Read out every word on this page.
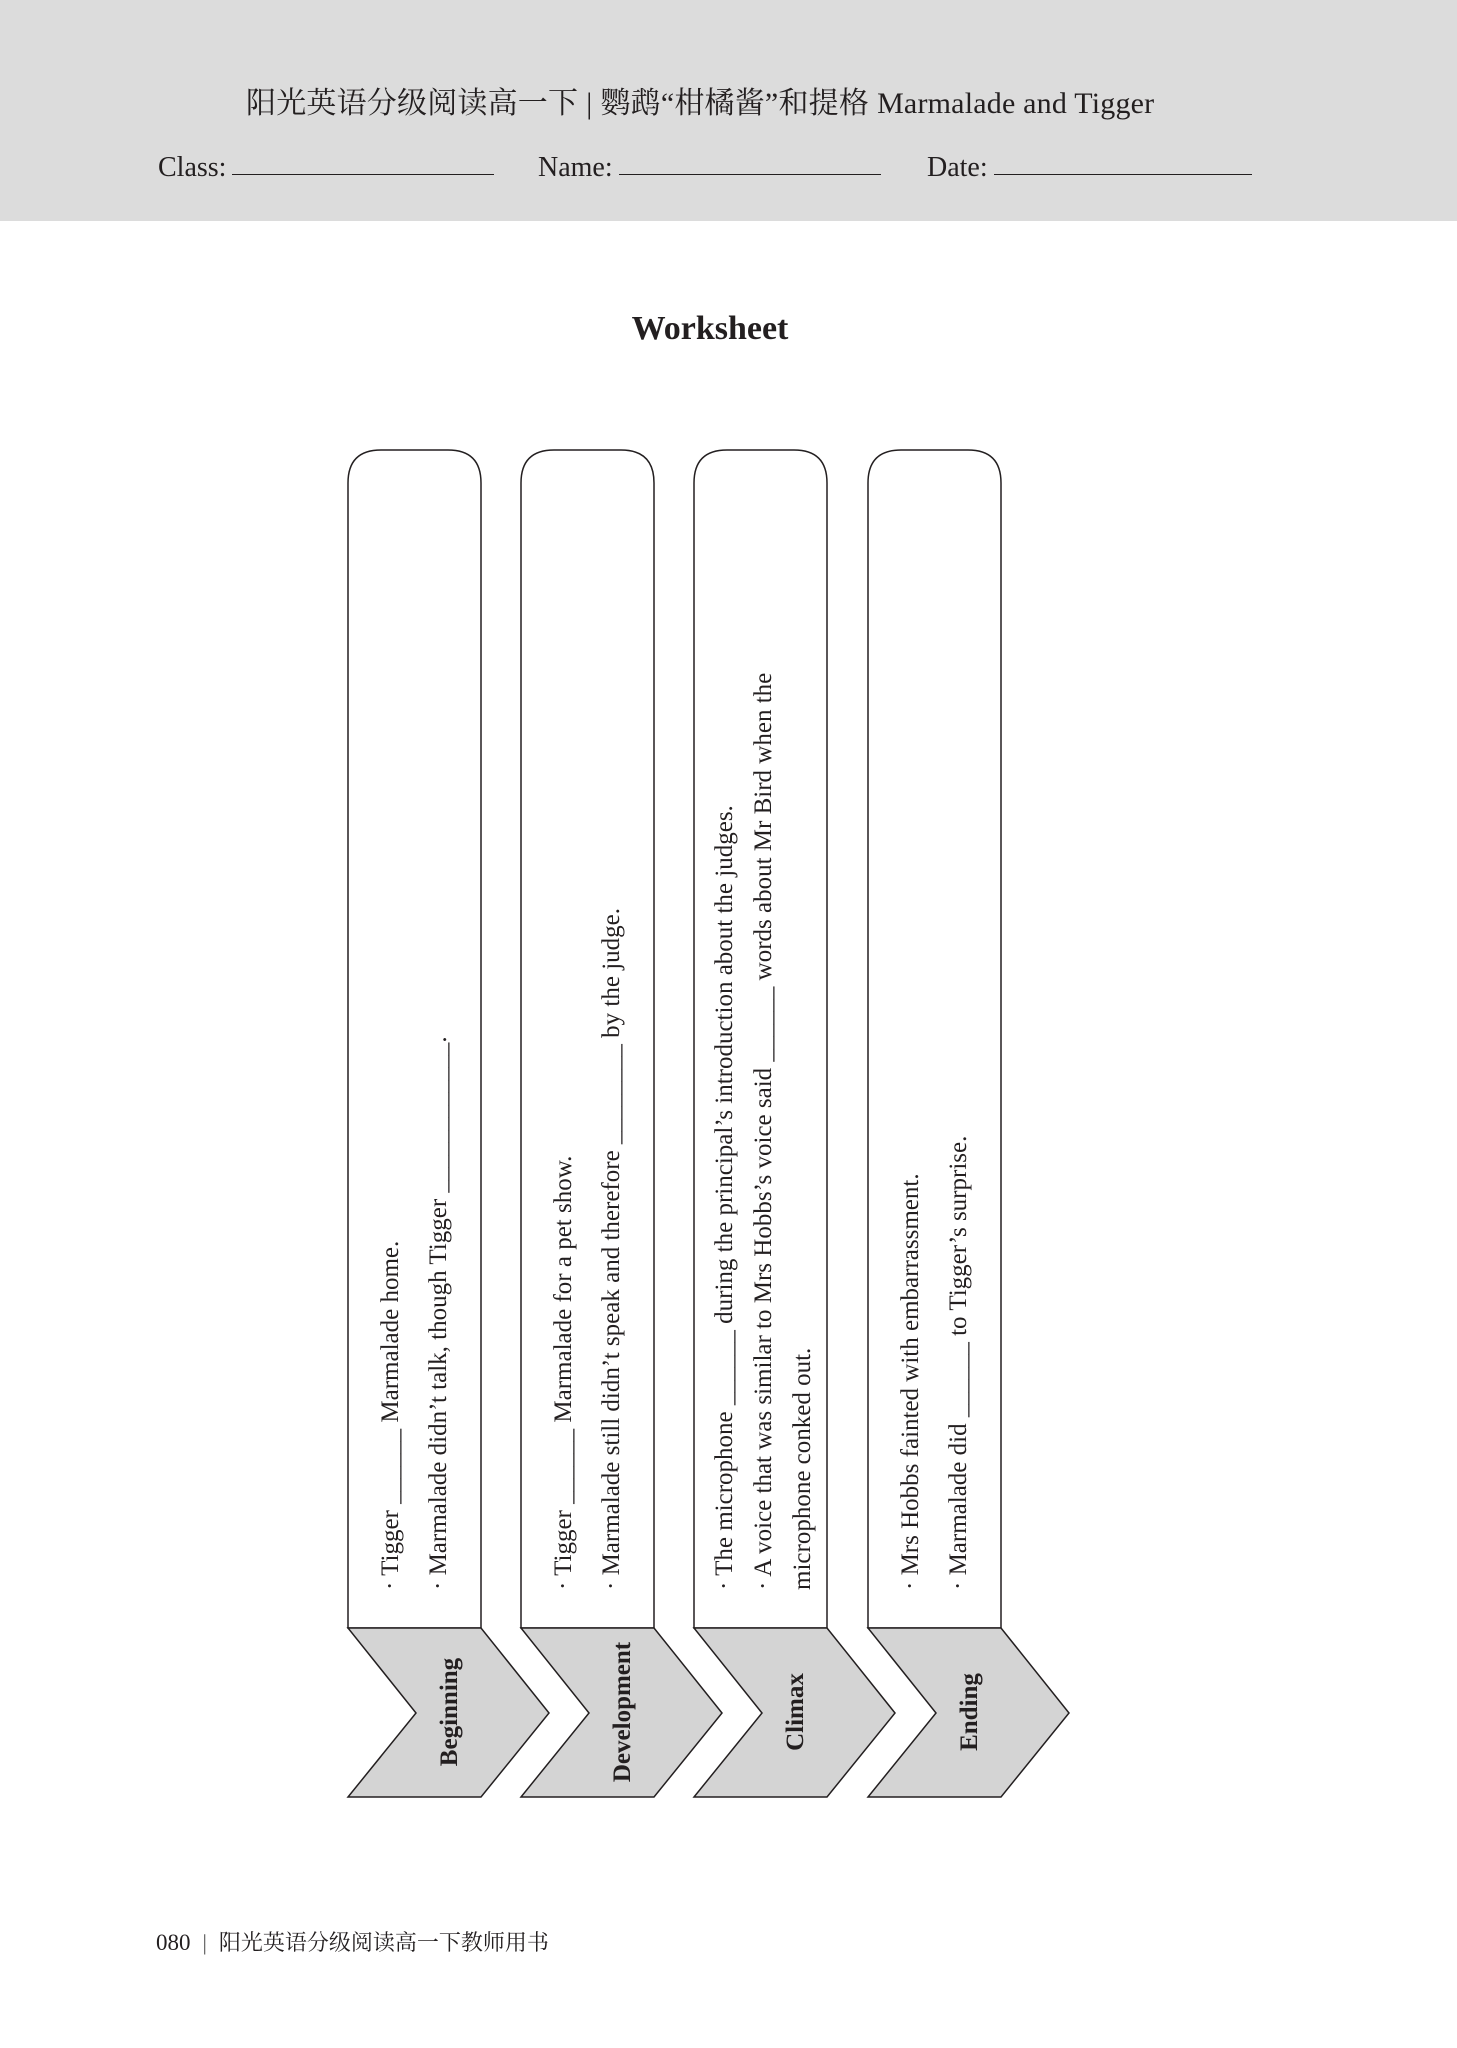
阳光英语分级阅读高一下 | 鹦鹉“柑橘酱”和提格 Marmalade and Tigger
Class:	Name:	Date:
Worksheet
Beginning	Development	Climax	Ending
· Tigger ______ Marmalade home. · Marmalade didn’t talk, though Tigger ____________.	· Tigger ______ Marmalade for a pet show. · Marmalade still didn’t speak and therefore ________ by the judge.	· The microphone ______ during the principal’s introduction about the judges. · A voice that was similar to Mrs Hobbs’s voice said ______ words about Mr Bird when the microphone conked out.	· Mrs Hobbs fainted with embarrassment. · Marmalade did ______ to Tigger’s surprise.
080 | 阳光英语分级阅读高一下教师用书
